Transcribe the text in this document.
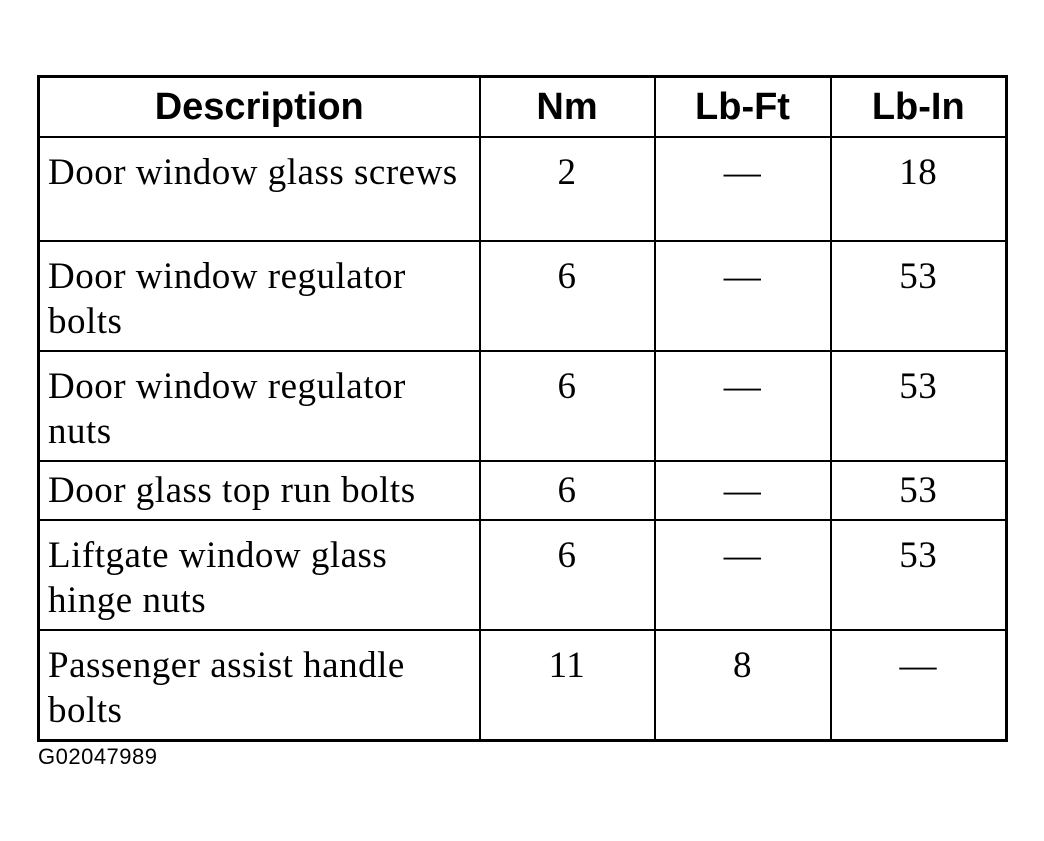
Description	Nm	Lb-Ft	Lb-In
Door window glass screws	2	—	18
Door window regulator bolts	6	—	53
Door window regulator nuts	6	—	53
Door glass top run bolts	6	—	53
Liftgate window glass hinge nuts	6	—	53
Passenger assist handle bolts	11	8	—
G02047989
